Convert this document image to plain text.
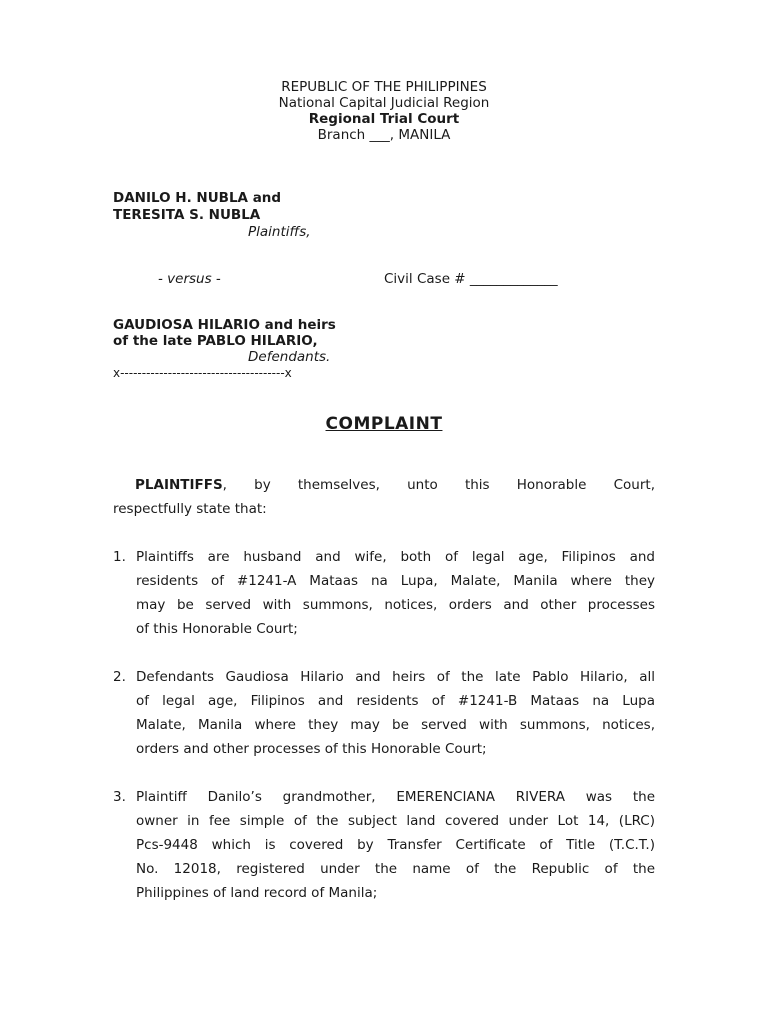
REPUBLIC OF THE PHILIPPINES
National Capital Judicial Region
Regional Trial Court
Branch ___, MANILA
DANILO H. NUBLA and
TERESITA S. NUBLA
Plaintiffs,
- versus -	Civil Case # _____________
GAUDIOSA HILARIO and heirs
of the late PABLO HILARIO,
Defendants.
x--------------------------------------x
COMPLAINT
PLAINTIFFS, by themselves, unto this Honorable Court,
respectfully state that:
1. Plaintiffs are husband and wife, both of legal age, Filipinos and
residents of #1241-A Mataas na Lupa, Malate, Manila where they
may be served with summons, notices, orders and other processes
of this Honorable Court;
2. Defendants Gaudiosa Hilario and heirs of the late Pablo Hilario, all
of legal age, Filipinos and residents of #1241-B Mataas na Lupa
Malate, Manila where they may be served with summons, notices,
orders and other processes of this Honorable Court;
3. Plaintiff Danilo’s grandmother, EMERENCIANA RIVERA was the
owner in fee simple of the subject land covered under Lot 14, (LRC)
Pcs-9448 which is covered by Transfer Certificate of Title (T.C.T.)
No. 12018, registered under the name of the Republic of the
Philippines of land record of Manila;
